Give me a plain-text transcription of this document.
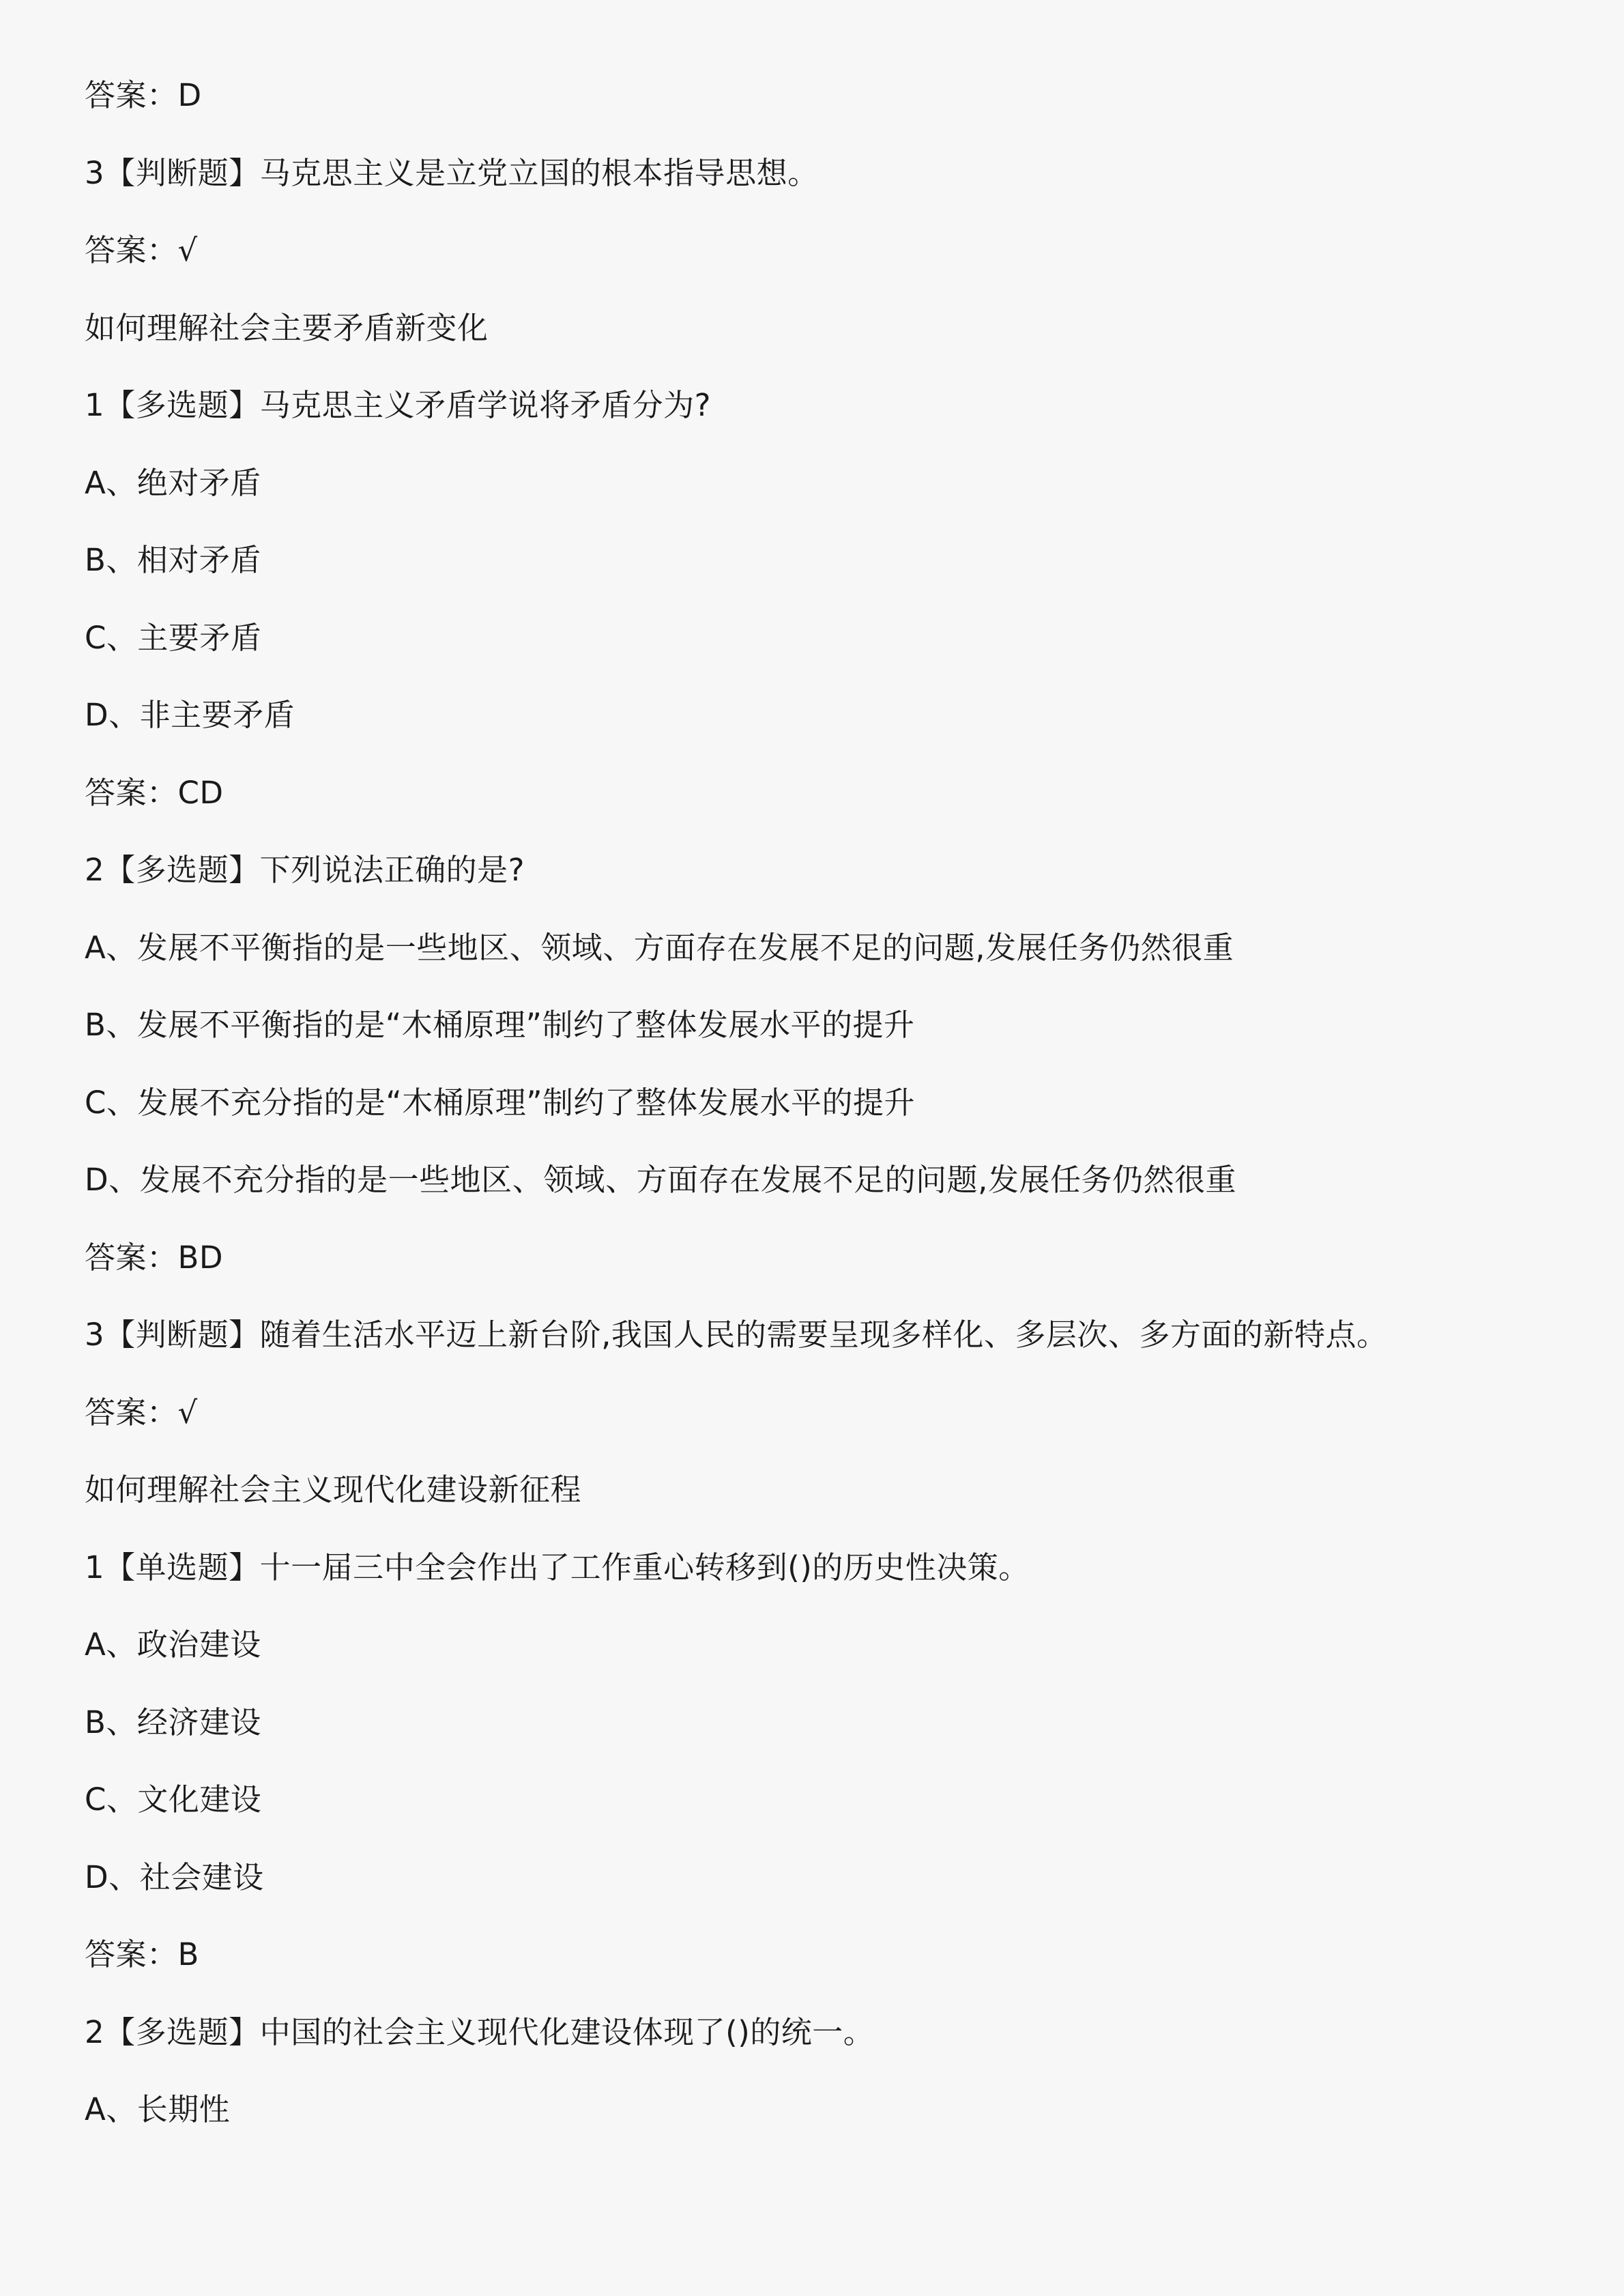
答案：D
3【判断题】马克思主义是立党立国的根本指导思想。
答案：√
如何理解社会主要矛盾新变化
1【多选题】马克思主义矛盾学说将矛盾分为?
A、绝对矛盾
B、相对矛盾
C、主要矛盾
D、非主要矛盾
答案：CD
2【多选题】下列说法正确的是?
A、发展不平衡指的是一些地区、领域、方面存在发展不足的问题,发展任务仍然很重
B、发展不平衡指的是“木桶原理”制约了整体发展水平的提升
C、发展不充分指的是“木桶原理”制约了整体发展水平的提升
D、发展不充分指的是一些地区、领域、方面存在发展不足的问题,发展任务仍然很重
答案：BD
3【判断题】随着生活水平迈上新台阶,我国人民的需要呈现多样化、多层次、多方面的新特点。
答案：√
如何理解社会主义现代化建设新征程
1【单选题】十一届三中全会作出了工作重心转移到()的历史性决策。
A、政治建设
B、经济建设
C、文化建设
D、社会建设
答案：B
2【多选题】中国的社会主义现代化建设体现了()的统一。
A、长期性
